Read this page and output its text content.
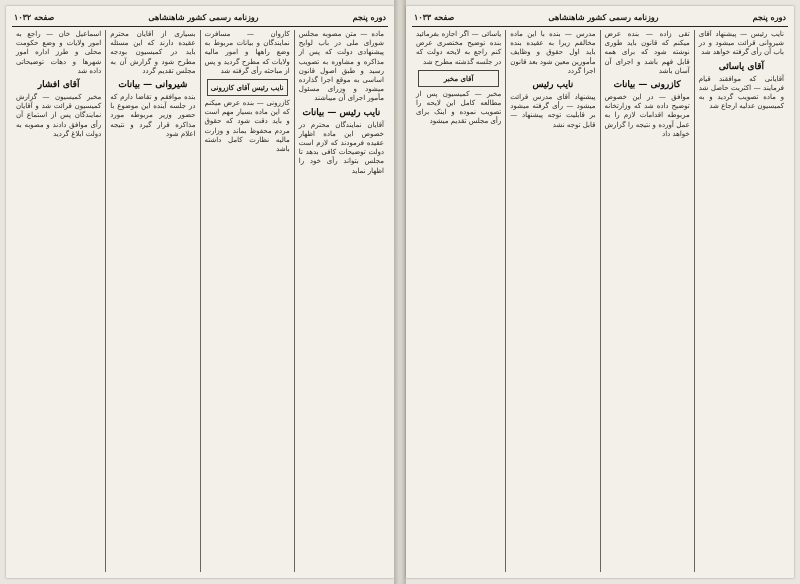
دوره پنجم
روزنامه رسمی کشور شاهنشاهی
صفحه ۱۰۳۲
ماده — متن مصوبه مجلس شورای ملی در باب لوایح پیشنهادی دولت که پس از مذاکره و مشاوره به تصویب رسید و طبق اصول قانون اساسی به موقع اجرا گذارده میشود و وزرای مسئول مأمور اجرای آن میباشند
نایب رئیس — بیانات
آقایان نمایندگان محترم در خصوص این ماده اظهار عقیده فرمودند که لازم است دولت توضیحات کافی بدهد تا مجلس بتواند رأی خود را اظهار نماید
کاروان — مسافرت نمایندگان و بیانات مربوط به وضع راهها و امور مالیه ولایات که مطرح گردید و پس از مباحثه رأی گرفته شد
نایب رئیس آقای کازرونی
کازرونی — بنده عرض میکنم که این ماده بسیار مهم است و باید دقت شود که حقوق مردم محفوظ بماند و وزارت مالیه نظارت کامل داشته باشد
بسیاری از آقایان محترم عقیده دارند که این مسئله باید در کمیسیون بودجه مطرح شود و گزارش آن به مجلس تقدیم گردد
شیروانی — بیانات
بنده موافقم و تقاضا دارم که در جلسه آینده این موضوع با حضور وزیر مربوطه مورد مذاکره قرار گیرد و نتیجه اعلام شود
اسماعیل خان — راجع به امور ولایات و وضع حکومت محلی و طرز اداره امور شهرها و دهات توضیحاتی داده شد
آقای افشار
مخبر کمیسیون — گزارش کمیسیون قرائت شد و آقایان نمایندگان پس از استماع آن رأی موافق دادند و مصوبه به دولت ابلاغ گردید
دوره پنجم
روزنامه رسمی کشور شاهنشاهی
صفحه ۱۰۳۳
نایب رئیس — پیشنهاد آقای شیروانی قرائت میشود و در باب آن رأی گرفته خواهد شد
آقای یاسائی
آقایانی که موافقند قیام فرمایند — اکثریت حاصل شد و ماده تصویب گردید و به کمیسیون عدلیه ارجاع شد
تقی زاده — بنده عرض میکنم که قانون باید طوری نوشته شود که برای همه قابل فهم باشد و اجرای آن آسان باشد
کازرونی — بیانات
موافق — در این خصوص توضیح داده شد که وزارتخانه مربوطه اقدامات لازم را به عمل آورده و نتیجه را گزارش خواهد داد
مدرس — بنده با این ماده مخالفم زیرا به عقیده بنده باید اول حقوق و وظایف مأمورین معین شود بعد قانون اجرا گردد
نایب رئیس
پیشنهاد آقای مدرس قرائت میشود — رأی گرفته میشود بر قابلیت توجه پیشنهاد — قابل توجه نشد
یاسائی — اگر اجازه بفرمائید بنده توضیح مختصری عرض کنم راجع به لایحه دولت که در جلسه گذشته مطرح شد
آقای مخبر
مخبر — کمیسیون پس از مطالعه کامل این لایحه را تصویب نموده و اینک برای رأی مجلس تقدیم میشود
